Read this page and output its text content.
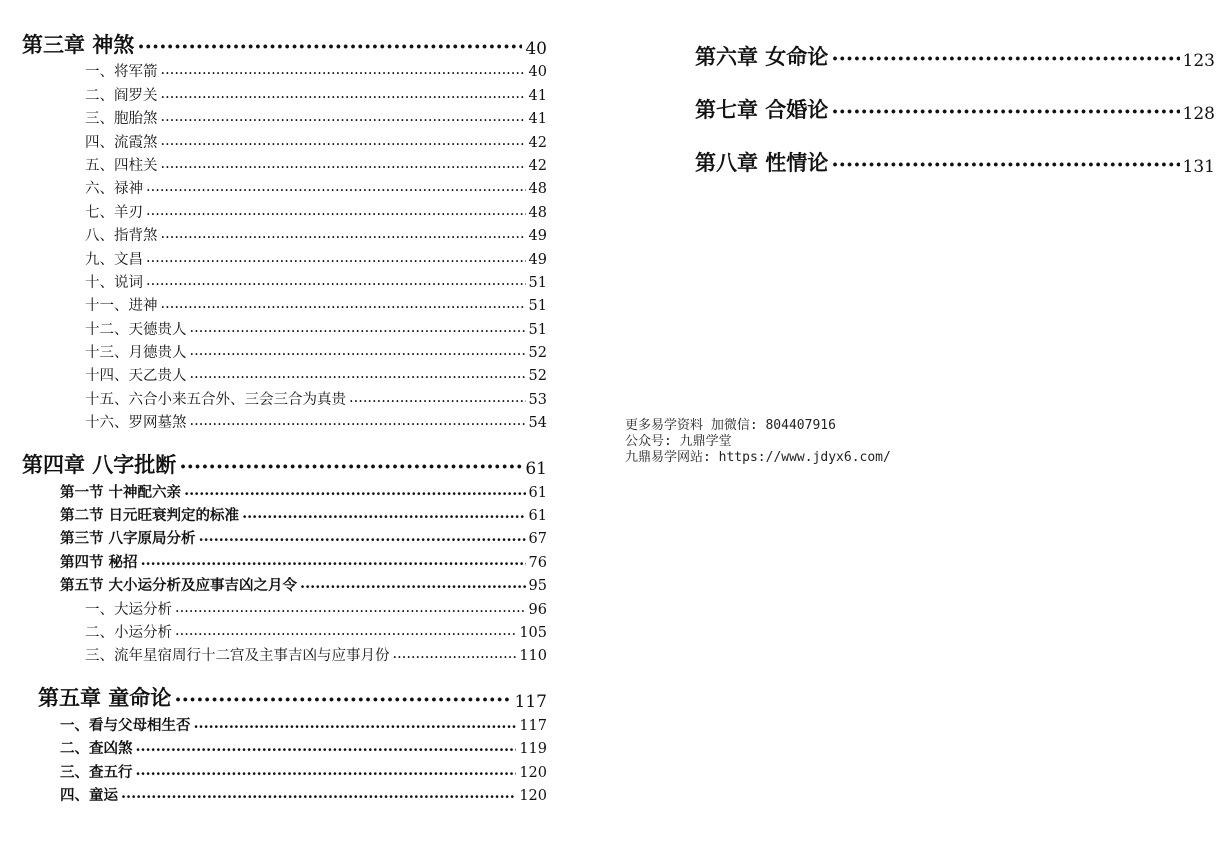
第三章 神煞 ·····	40
一、将军箭 ·····	40
二、阎罗关 ·····	41
三、胞胎煞 ·····	41
四、流霞煞 ·····	42
五、四柱关 ·····	42
六、禄神 ·····	48
七、羊刃 ·····	48
八、指背煞 ·····	49
九、文昌 ·····	49
十、说词 ·····	51
十一、进神 ·····	51
十二、天德贵人 ·····	51
十三、月德贵人 ·····	52
十四、天乙贵人 ·····	52
十五、六合小来五合外、三会三合为真贵 ·····	53
十六、罗网墓煞 ·····	54
第四章 八字批断 ·····	61
第一节 十神配六亲 ·····	61
第二节 日元旺衰判定的标准 ·····	61
第三节 八字原局分析 ·····	67
第四节 秘招 ·····	76
第五节 大小运分析及应事吉凶之月令 ·····	95
一、大运分析 ·····	96
二、小运分析 ·····	105
三、流年星宿周行十二宫及主事吉凶与应事月份 ·····	110
第五章 童命论 ·····	117
一、看与父母相生否 ·····	117
二、查凶煞 ·····	119
三、查五行 ·····	120
四、童运 ·····	120
第六章 女命论 ·····	123
第七章 合婚论 ·····	128
第八章 性情论 ·····	131
更多易学资料 加微信: 804407916
公众号: 九鼎学堂
九鼎易学网站: https://www.jdyx6.com/
